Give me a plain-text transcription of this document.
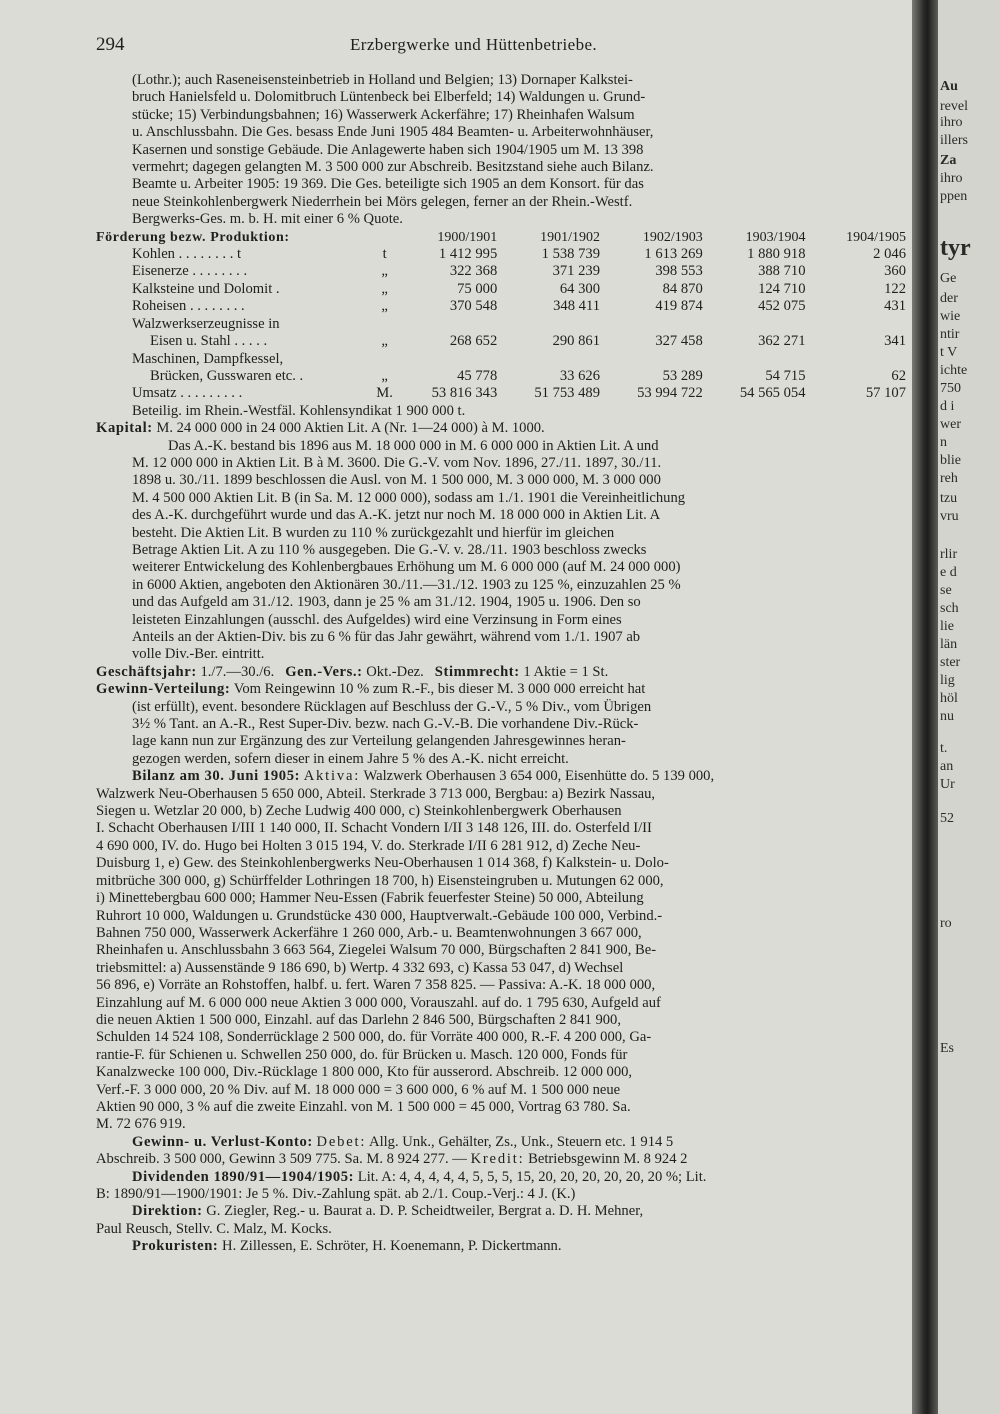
294	Erzbergwerke und Hüttenbetriebe.

(Lothr.); auch Raseneisensteinbetrieb in Holland und Belgien; 13) Dornaper Kalkstei-

bruch Hanielsfeld u. Dolomitbruch Lüntenbeck bei Elberfeld; 14) Waldungen u. Grund-

stücke; 15) Verbindungsbahnen; 16) Wasserwerk Ackerfähre; 17) Rheinhafen Walsum

u. Anschlussbahn. Die Ges. besass Ende Juni 1905 484 Beamten- u. Arbeiterwohnhäuser,

Kasernen und sonstige Gebäude. Die Anlagewerte haben sich 1904/1905 um M. 13 398

vermehrt; dagegen gelangten M. 3 500 000 zur Abschreib. Besitzstand siehe auch Bilanz.

Beamte u. Arbeiter 1905: 19 369. Die Ges. beteiligte sich 1905 an dem Konsort. für das

neue Steinkohlenbergwerk Niederrhein bei Mörs gelegen, ferner an der Rhein.-Westf.

Bergwerks-Ges. m. b. H. mit einer 6 % Quote.

Förderung bezw. Produktion:		1900/1901	1901/1902	1902/1903	1903/1904	1904/1905
Kohlen . . . . . . . . t	t	1 412 995	1 538 739	1 613 269	1 880 918	2 046
Eisenerze . . . . . . . .	„	322 368	371 239	398 553	388 710	360
Kalksteine und Dolomit .	„	75 000	64 300	84 870	124 710	122
Roheisen . . . . . . . .	„	370 548	348 411	419 874	452 075	431
Walzwerkserzeugnisse in						
Eisen u. Stahl . . . . .	„	268 652	290 861	327 458	362 271	341
Maschinen, Dampfkessel,						
Brücken, Gusswaren etc. .	„	45 778	33 626	53 289	54 715	62
Umsatz . . . . . . . . .	M.	53 816 343	51 753 489	53 994 722	54 565 054	57 107

Beteilig. im Rhein.-Westfäl. Kohlensyndikat 1 900 000 t.

Kapital: M. 24 000 000 in 24 000 Aktien Lit. A (Nr. 1—24 000) à M. 1000.

Das A.-K. bestand bis 1896 aus M. 18 000 000 in M. 6 000 000 in Aktien Lit. A und

M. 12 000 000 in Aktien Lit. B à M. 3600. Die G.-V. vom Nov. 1896, 27./11. 1897, 30./11.

1898 u. 30./11. 1899 beschlossen die Ausl. von M. 1 500 000, M. 3 000 000, M. 3 000 000

M. 4 500 000 Aktien Lit. B (in Sa. M. 12 000 000), sodass am 1./1. 1901 die Vereinheitlichung

des A.-K. durchgeführt wurde und das A.-K. jetzt nur noch M. 18 000 000 in Aktien Lit. A

besteht. Die Aktien Lit. B wurden zu 110 % zurückgezahlt und hierfür im gleichen

Betrage Aktien Lit. A zu 110 % ausgegeben. Die G.-V. v. 28./11. 1903 beschloss zwecks

weiterer Entwickelung des Kohlenbergbaues Erhöhung um M. 6 000 000 (auf M. 24 000 000)

in 6000 Aktien, angeboten den Aktionären 30./11.—31./12. 1903 zu 125 %, einzuzahlen 25 %

und das Aufgeld am 31./12. 1903, dann je 25 % am 31./12. 1904, 1905 u. 1906. Den so

leisteten Einzahlungen (ausschl. des Aufgeldes) wird eine Verzinsung in Form eines

Anteils an der Aktien-Div. bis zu 6 % für das Jahr gewährt, während vom 1./1. 1907 ab

volle Div.-Ber. eintritt.

Geschäftsjahr: 1./7.—30./6. Gen.-Vers.: Okt.-Dez. Stimmrecht: 1 Aktie = 1 St.

Gewinn-Verteilung: Vom Reingewinn 10 % zum R.-F., bis dieser M. 3 000 000 erreicht hat

(ist erfüllt), event. besondere Rücklagen auf Beschluss der G.-V., 5 % Div., vom Übrigen

3½ % Tant. an A.-R., Rest Super-Div. bezw. nach G.-V.-B. Die vorhandene Div.-Rück-

lage kann nun zur Ergänzung des zur Verteilung gelangenden Jahresgewinnes heran-

gezogen werden, sofern dieser in einem Jahre 5 % des A.-K. nicht erreicht.

Bilanz am 30. Juni 1905: Aktiva: Walzwerk Oberhausen 3 654 000, Eisenhütte do. 5 139 000,

Walzwerk Neu-Oberhausen 5 650 000, Abteil. Sterkrade 3 713 000, Bergbau: a) Bezirk Nassau,

Siegen u. Wetzlar 20 000, b) Zeche Ludwig 400 000, c) Steinkohlenbergwerk Oberhausen

I. Schacht Oberhausen I/III 1 140 000, II. Schacht Vondern I/II 3 148 126, III. do. Osterfeld I/II

4 690 000, IV. do. Hugo bei Holten 3 015 194, V. do. Sterkrade I/II 6 281 912, d) Zeche Neu-

Duisburg 1, e) Gew. des Steinkohlenbergwerks Neu-Oberhausen 1 014 368, f) Kalkstein- u. Dolo-

mitbrüche 300 000, g) Schürffelder Lothringen 18 700, h) Eisensteingruben u. Mutungen 62 000,

i) Minettebergbau 600 000; Hammer Neu-Essen (Fabrik feuerfester Steine) 50 000, Abteilung

Ruhrort 10 000, Waldungen u. Grundstücke 430 000, Hauptverwalt.-Gebäude 100 000, Verbind.-

Bahnen 750 000, Wasserwerk Ackerfähre 1 260 000, Arb.- u. Beamtenwohnungen 3 667 000,

Rheinhafen u. Anschlussbahn 3 663 564, Ziegelei Walsum 70 000, Bürgschaften 2 841 900, Be-

triebsmittel: a) Aussenstände 9 186 690, b) Wertp. 4 332 693, c) Kassa 53 047, d) Wechsel

56 896, e) Vorräte an Rohstoffen, halbf. u. fert. Waren 7 358 825. — Passiva: A.-K. 18 000 000,

Einzahlung auf M. 6 000 000 neue Aktien 3 000 000, Vorauszahl. auf do. 1 795 630, Aufgeld auf

die neuen Aktien 1 500 000, Einzahl. auf das Darlehn 2 846 500, Bürgschaften 2 841 900,

Schulden 14 524 108, Sonderrücklage 2 500 000, do. für Vorräte 400 000, R.-F. 4 200 000, Ga-

rantie-F. für Schienen u. Schwellen 250 000, do. für Brücken u. Masch. 120 000, Fonds für

Kanalzwecke 100 000, Div.-Rücklage 1 800 000, Kto für ausserord. Abschreib. 12 000 000,

Verf.-F. 3 000 000, 20 % Div. auf M. 18 000 000 = 3 600 000, 6 % auf M. 1 500 000 neue

Aktien 90 000, 3 % auf die zweite Einzahl. von M. 1 500 000 = 45 000, Vortrag 63 780. Sa.

M. 72 676 919.

Gewinn- u. Verlust-Konto: Debet: Allg. Unk., Gehälter, Zs., Unk., Steuern etc. 1 914 5

Abschreib. 3 500 000, Gewinn 3 509 775. Sa. M. 8 924 277. — Kredit: Betriebsgewinn M. 8 924 2

Dividenden 1890/91—1904/1905: Lit. A: 4, 4, 4, 4, 4, 5, 5, 5, 15, 20, 20, 20, 20, 20, 20 %; Lit.

B: 1890/91—1900/1901: Je 5 %. Div.-Zahlung spät. ab 2./1. Coup.-Verj.: 4 J. (K.)

Direktion: G. Ziegler, Reg.- u. Baurat a. D. P. Scheidtweiler, Bergrat a. D. H. Mehner,

Paul Reusch, Stellv. C. Malz, M. Kocks.

Prokuristen: H. Zillessen, E. Schröter, H. Koenemann, P. Dickertmann.

Au
revel
ihro
illers
Za
ihro
ppen
tyr
Ge
der
wie
ntir
t V
ichte
750
d i
wer
n
blie
reh
tzu
vru
rlir
e d
se
sch
lie
län
ster
lig
höl
nu
t.
an
Ur
52
ro
Es
